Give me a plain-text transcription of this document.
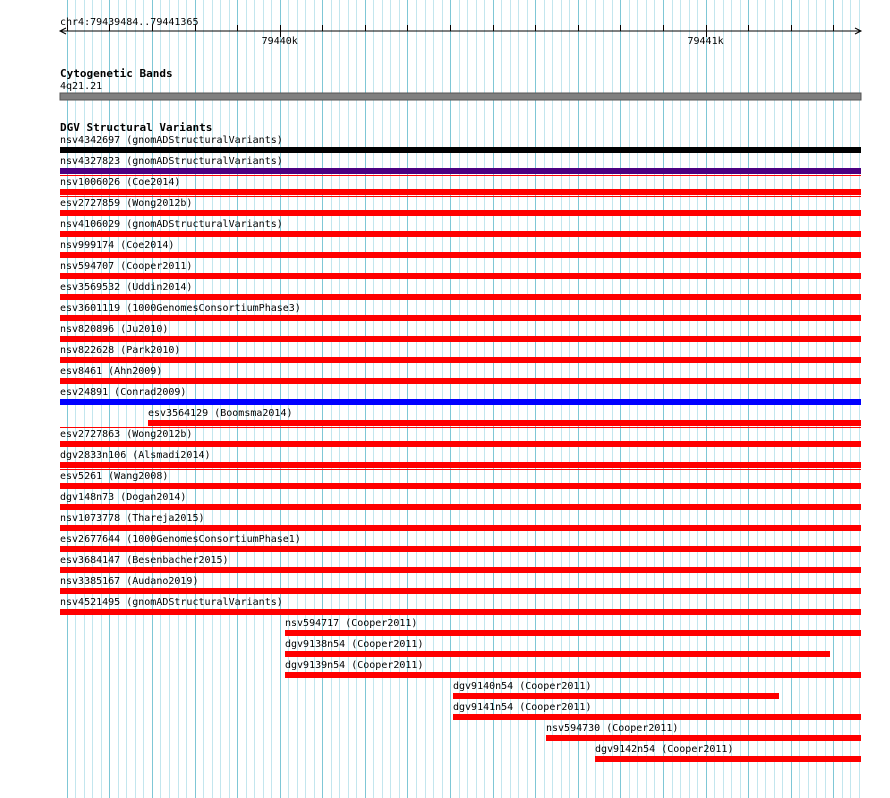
chr4:79439484..79441365
79440k	79441k
Cytogenetic Bands
4q21.21
DGV Structural Variants
nsv4342697 (gnomADStructuralVariants)
nsv4327823 (gnomADStructuralVariants)
nsv1006026 (Coe2014)
esv2727859 (Wong2012b)
nsv4106029 (gnomADStructuralVariants)
nsv999174 (Coe2014)
nsv594707 (Cooper2011)
esv3569532 (Uddin2014)
esv3601119 (1000GenomesConsortiumPhase3)
nsv820896 (Ju2010)
nsv822628 (Park2010)
esv8461 (Ahn2009)
esv24891 (Conrad2009)
esv3564129 (Boomsma2014)
esv2727863 (Wong2012b)
dgv2833n106 (Alsmadi2014)
esv5261 (Wang2008)
dgv148n73 (Dogan2014)
nsv1073778 (Thareja2015)
esv2677644 (1000GenomesConsortiumPhase1)
esv3684147 (Besenbacher2015)
nsv3385167 (Audano2019)
nsv4521495 (gnomADStructuralVariants)
nsv594717 (Cooper2011)
dgv9138n54 (Cooper2011)
dgv9139n54 (Cooper2011)
dgv9140n54 (Cooper2011)
dgv9141n54 (Cooper2011)
nsv594730 (Cooper2011)
dgv9142n54 (Cooper2011)
